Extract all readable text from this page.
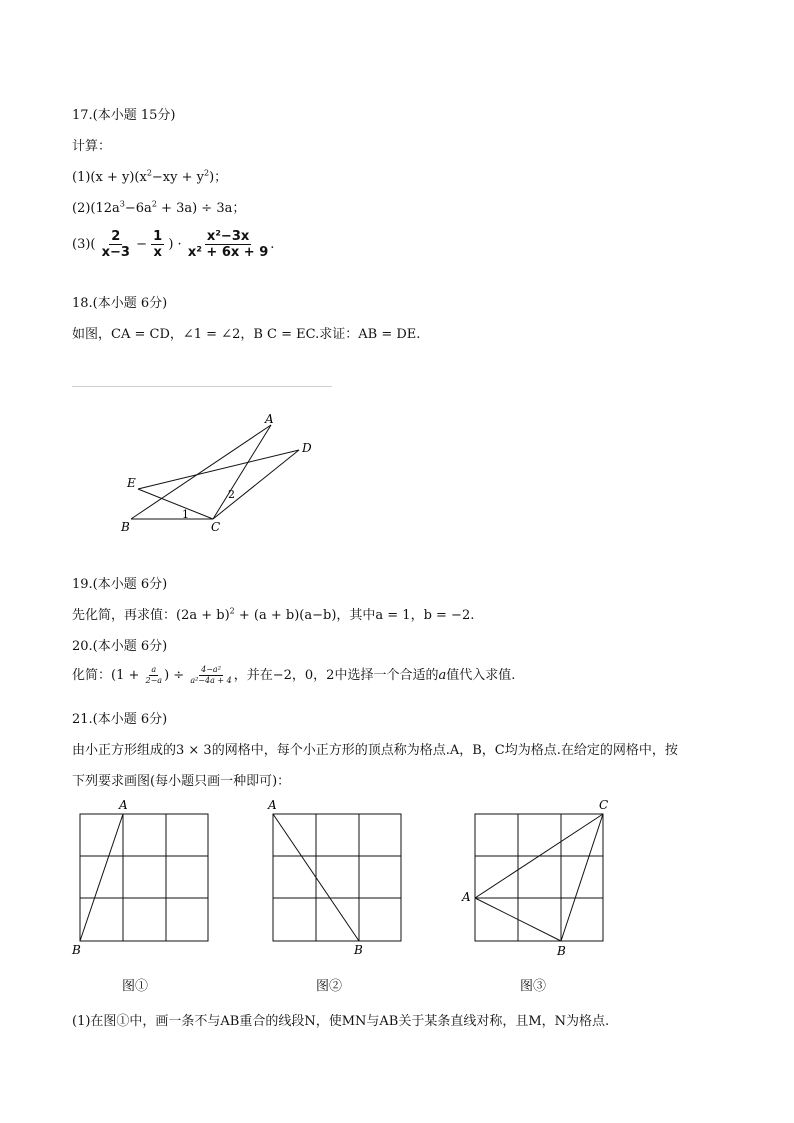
17.(本小题 15分)
计算：
$(1)(x + y)(x^2-xy + y^2)$；
$(2)(12a^3-6a^2 + 3a) \div 3a$；
$(3)( \frac{2}{x-3} - \frac{1}{x}$ ) · $\frac{\text{x²−3x}}{\text{x² + 6x + 9}}$ .
18.(本小题 6分)
如图，CA = CD，∠1 = ∠2，B C = EC.求证：AB = DE.
A
D
E
B	C
1
2
19.(本小题 6分)
先化简，再求值：$(2a + b)^2 + (a + b)(a-b)$，其中a = 1，b = −2.
20.(本小题 6分)
化简：($1 + \frac{a}{2-a}$ ) ÷ $\frac{\text{4−a²}}{\text{a²−4a + 4}}$ ，并在−2，0，2中选择一个合适的a值代入求值.
21.(本小题 6分)
由小正方形组成的3 × 3的网格中，每个小正方形的顶点称为格点.A，B，C均为格点.在给定的网格中，按
下列要求画图(每小题只画一种即可)：
A
B
A
B
C
A
B
图①	图②	图③
(1)在图①中，画一条不与AB重合的线段N，使MN与AB关于某条直线对称，且M，N为格点.
